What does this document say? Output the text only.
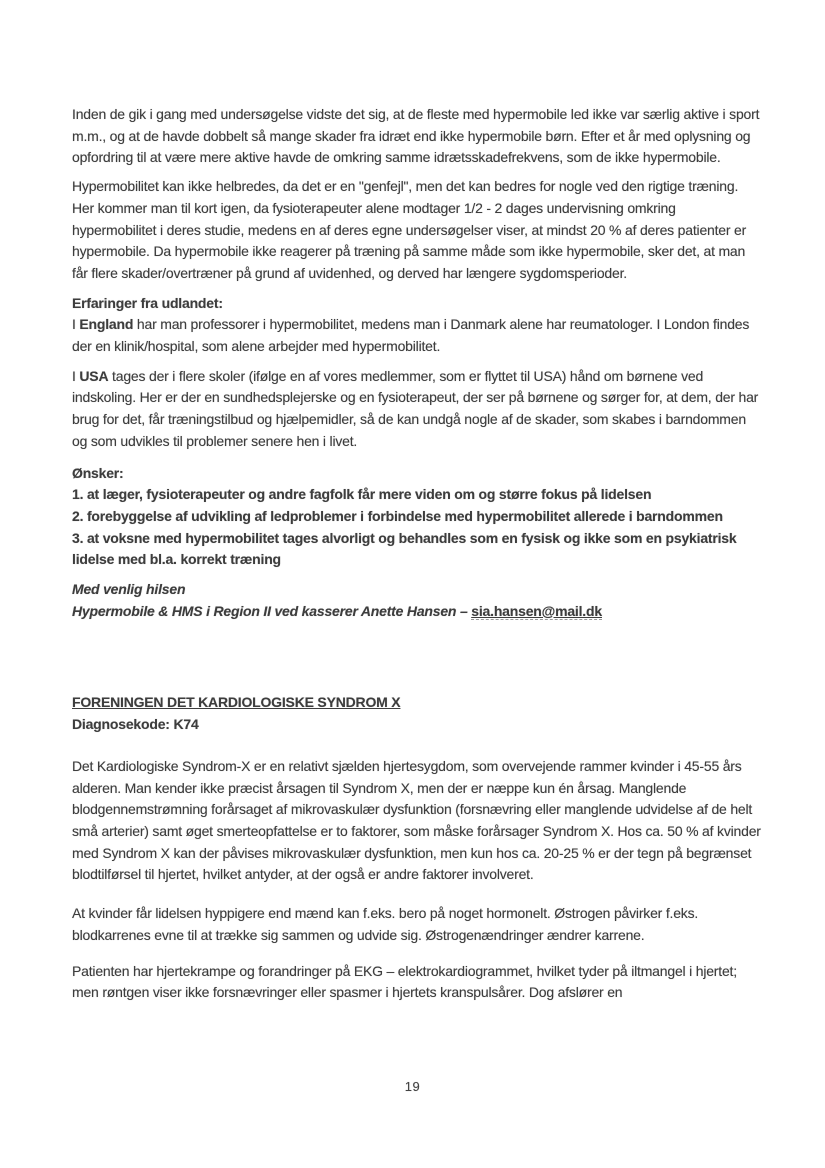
Inden de gik i gang med undersøgelse vidste det sig, at de fleste med hypermobile led ikke var særlig aktive i sport m.m., og at de havde dobbelt så mange skader fra idræt end ikke hypermobile børn. Efter et år med oplysning og opfordring til at være mere aktive havde de omkring samme idrætsskadefrekvens, som de ikke hypermobile.

Hypermobilitet kan ikke helbredes, da det er en "genfejl", men det kan bedres for nogle ved den rigtige træning. Her kommer man til kort igen, da fysioterapeuter alene modtager 1/2 - 2 dages undervisning omkring hypermobilitet i deres studie, medens en af deres egne undersøgelser viser, at mindst 20 % af deres patienter er hypermobile. Da hypermobile ikke reagerer på træning på samme måde som ikke hypermobile, sker det, at man får flere skader/overtræner på grund af uvidenhed, og derved har længere sygdomsperioder.

Erfaringer fra udlandet:
I England har man professorer i hypermobilitet, medens man i Danmark alene har reumatologer. I London findes der en klinik/hospital, som alene arbejder med hypermobilitet.

I USA tages der i flere skoler (ifølge en af vores medlemmer, som er flyttet til USA) hånd om børnene ved indskoling. Her er der en sundhedsplejerske og en fysioterapeut, der ser på børnene og sørger for, at dem, der har brug for det, får træningstilbud og hjælpemidler, så de kan undgå nogle af de skader, som skabes i barndommen og som udvikles til problemer senere hen i livet.

Ønsker:
1. at læger, fysioterapeuter og andre fagfolk får mere viden om og større fokus på lidelsen
2. forebyggelse af udvikling af ledproblemer i forbindelse med hypermobilitet allerede i barndommen
3. at voksne med hypermobilitet tages alvorligt og behandles som en fysisk og ikke som en psykiatrisk lidelse med bl.a. korrekt træning

Med venlig hilsen
Hypermobile & HMS i Region II ved kasserer Anette Hansen – sia.hansen@mail.dk

FORENINGEN DET KARDIOLOGISKE SYNDROM X
Diagnosekode: K74

Det Kardiologiske Syndrom-X er en relativt sjælden hjertesygdom, som overvejende rammer kvinder i 45-55 års alderen. Man kender ikke præcist årsagen til Syndrom X, men der er næppe kun én årsag. Manglende blodgennemstrømning forårsaget af mikrovaskulær dysfunktion (forsnævring eller manglende udvidelse af de helt små arterier) samt øget smerteopfattelse er to faktorer, som måske forårsager Syndrom X. Hos ca. 50 % af kvinder med Syndrom X kan der påvises mikrovaskulær dysfunktion, men kun hos ca. 20-25 % er der tegn på begrænset blodtilførsel til hjertet, hvilket antyder, at der også er andre faktorer involveret.

At kvinder får lidelsen hyppigere end mænd kan f.eks. bero på noget hormonelt. Østrogen påvirker f.eks. blodkarrenes evne til at trække sig sammen og udvide sig. Østrogenændringer ændrer karrene.

Patienten har hjertekrampe og forandringer på EKG – elektrokardiogrammet, hvilket tyder på iltmangel i hjertet; men røntgen viser ikke forsnævringer eller spasmer i hjertets kranspulsårer. Dog afslører en

19
